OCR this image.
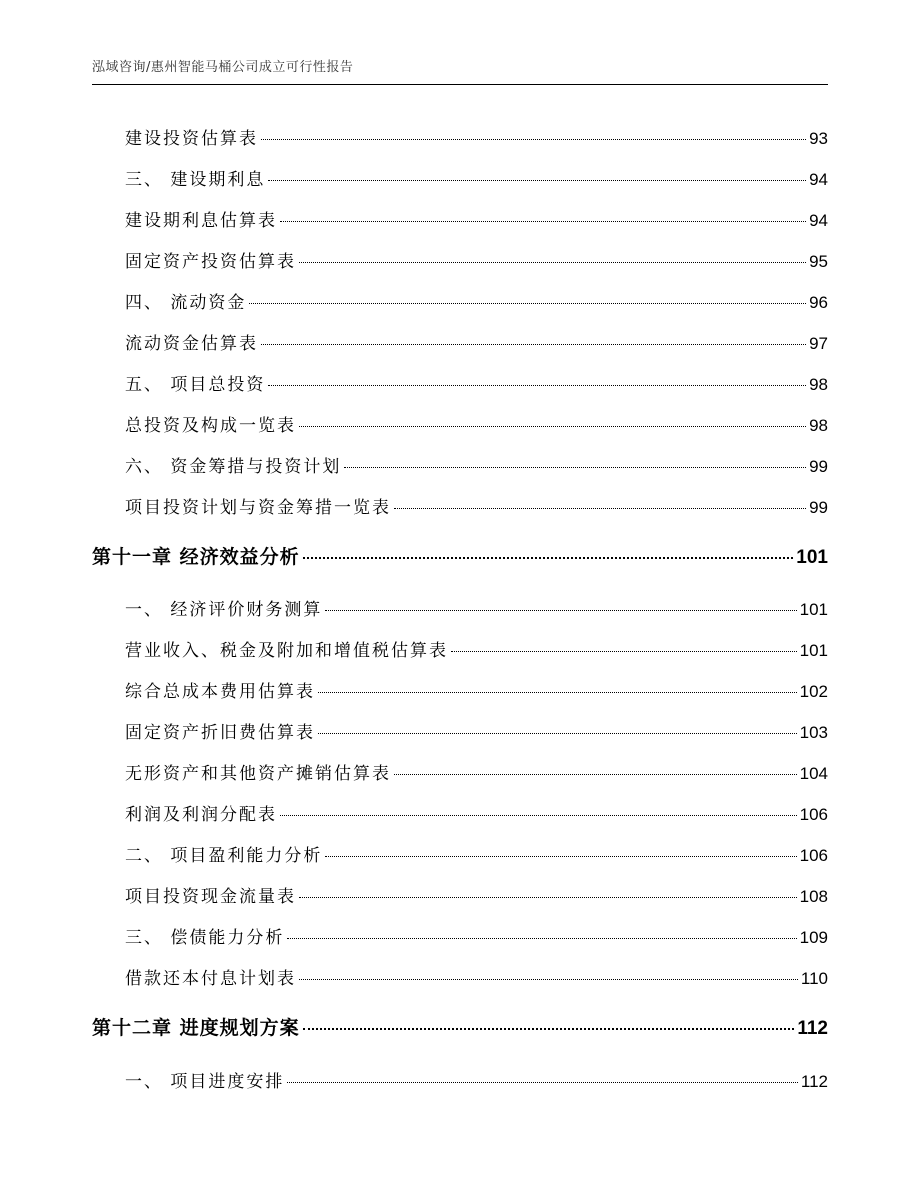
泓域咨询/惠州智能马桶公司成立可行性报告
建设投资估算表	93
三、 建设期利息	94
建设期利息估算表	94
固定资产投资估算表	95
四、 流动资金	96
流动资金估算表	97
五、 项目总投资	98
总投资及构成一览表	98
六、 资金筹措与投资计划	99
项目投资计划与资金筹措一览表	99
第十一章 经济效益分析	101
一、 经济评价财务测算	101
营业收入、税金及附加和增值税估算表	101
综合总成本费用估算表	102
固定资产折旧费估算表	103
无形资产和其他资产摊销估算表	104
利润及利润分配表	106
二、 项目盈利能力分析	106
项目投资现金流量表	108
三、 偿债能力分析	109
借款还本付息计划表	110
第十二章 进度规划方案	112
一、 项目进度安排	112
